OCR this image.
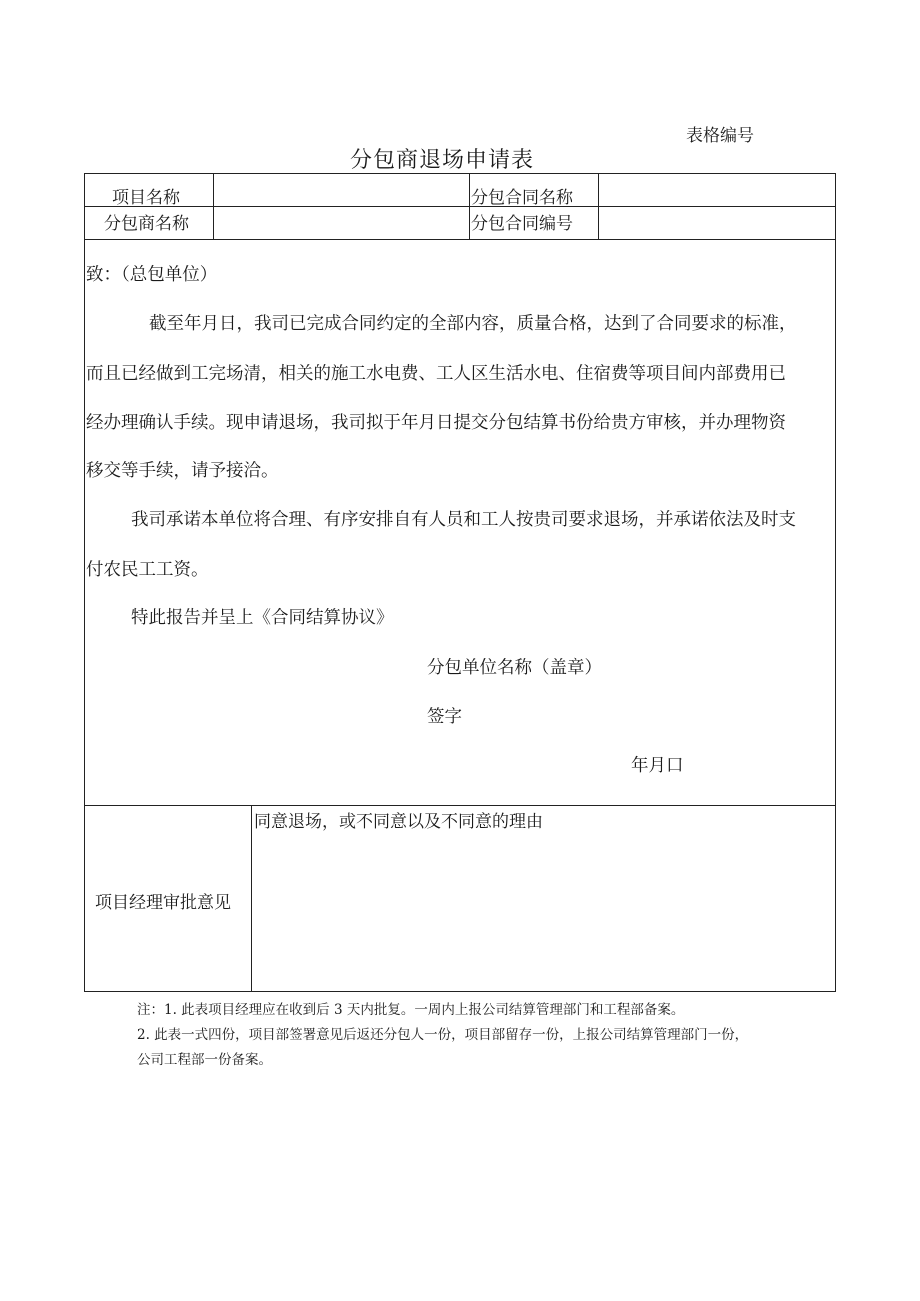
表格编号
分包商退场申请表
项目名称	分包合同名称
分包商名称	分包合同编号
致：（总包单位）
截至年月日，我司已完成合同约定的全部内容，质量合格，达到了合同要求的标准，
而且已经做到工完场清，相关的施工水电费、工人区生活水电、住宿费等项目间内部费用已
经办理确认手续。现申请退场，我司拟于年月日提交分包结算书份给贵方审核，并办理物资
移交等手续，请予接洽。
我司承诺本单位将合理、有序安排自有人员和工人按贵司要求退场，并承诺依法及时支
付农民工工资。
特此报告并呈上《合同结算协议》
分包单位名称（盖章）
签字
年月口
项目经理审批意见
同意退场，或不同意以及不同意的理由
注：1. 此表项目经理应在收到后 3 天内批复。一周内上报公司结算管理部门和工程部备案。
2. 此表一式四份，项目部签署意见后返还分包人一份，项目部留存一份，上报公司结算管理部门一份，
公司工程部一份备案。
